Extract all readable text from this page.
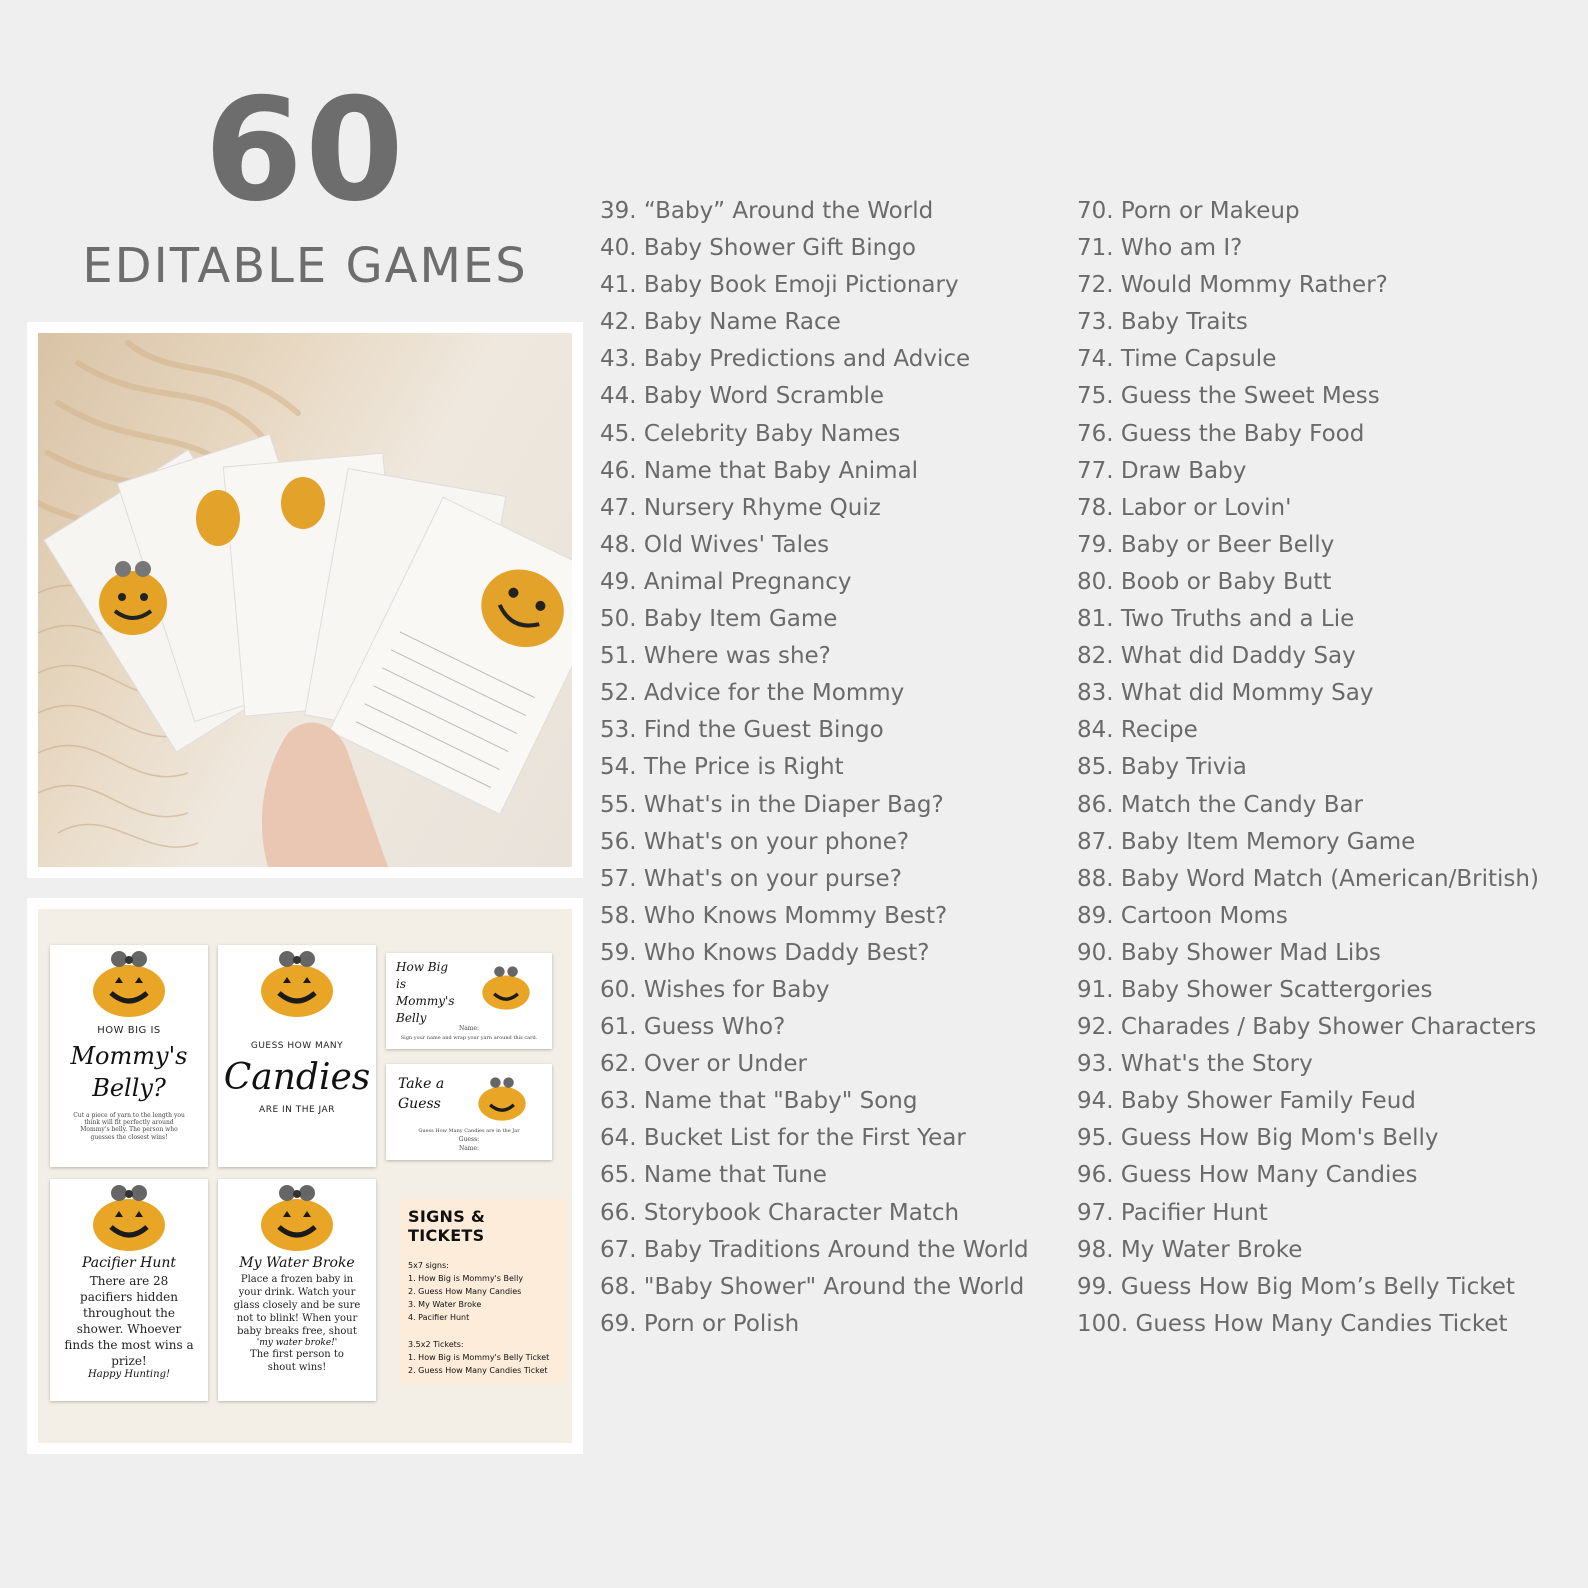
60
EDITABLE GAMES
HOW BIG IS
Mommy's Belly?
Cut a piece of yarn to the length you think will fit perfectly around Mommy's belly. The person who guesses the closest wins!
GUESS HOW MANY
Candies
ARE IN THE JAR
How Big is Mommy's Belly
Name:
Sign your name and wrap your yarn around this card.
Take a Guess
Guess How Many Candies are in the Jar
Guess:
Name:
Pacifier Hunt
There are 28 pacifiers hidden throughout the shower. Whoever finds the most wins a prize!
Happy Hunting!
My Water Broke
Place a frozen baby in your drink. Watch your glass closely and be sure not to blink! When your baby breaks free, shout
'my water broke!'
The first person to shout wins!
SIGNS & TICKETS
5x7 signs:
1. How Big is Mommy's Belly
2. Guess How Many Candies
3. My Water Broke
4. Pacifier Hunt
3.5x2 Tickets:
1. How Big is Mommy's Belly Ticket
2. Guess How Many Candies Ticket
39. “Baby” Around the World
40. Baby Shower Gift Bingo
41. Baby Book Emoji Pictionary
42. Baby Name Race
43. Baby Predictions and Advice
44. Baby Word Scramble
45. Celebrity Baby Names
46. Name that Baby Animal
47. Nursery Rhyme Quiz
48. Old Wives' Tales
49. Animal Pregnancy
50. Baby Item Game
51. Where was she?
52. Advice for the Mommy
53. Find the Guest Bingo
54. The Price is Right
55. What's in the Diaper Bag?
56. What's on your phone?
57. What's on your purse?
58. Who Knows Mommy Best?
59. Who Knows Daddy Best?
60. Wishes for Baby
61. Guess Who?
62. Over or Under
63. Name that "Baby" Song
64. Bucket List for the First Year
65. Name that Tune
66. Storybook Character Match
67. Baby Traditions Around the World
68. "Baby Shower" Around the World
69. Porn or Polish
70. Porn or Makeup
71. Who am I?
72. Would Mommy Rather?
73. Baby Traits
74. Time Capsule
75. Guess the Sweet Mess
76. Guess the Baby Food
77. Draw Baby
78. Labor or Lovin'
79. Baby or Beer Belly
80. Boob or Baby Butt
81. Two Truths and a Lie
82. What did Daddy Say
83. What did Mommy Say
84. Recipe
85. Baby Trivia
86. Match the Candy Bar
87. Baby Item Memory Game
88. Baby Word Match (American/British)
89. Cartoon Moms
90. Baby Shower Mad Libs
91. Baby Shower Scattergories
92. Charades / Baby Shower Characters
93. What's the Story
94. Baby Shower Family Feud
95. Guess How Big Mom's Belly
96. Guess How Many Candies
97. Pacifier Hunt
98. My Water Broke
99. Guess How Big Mom’s Belly Ticket
100. Guess How Many Candies Ticket
